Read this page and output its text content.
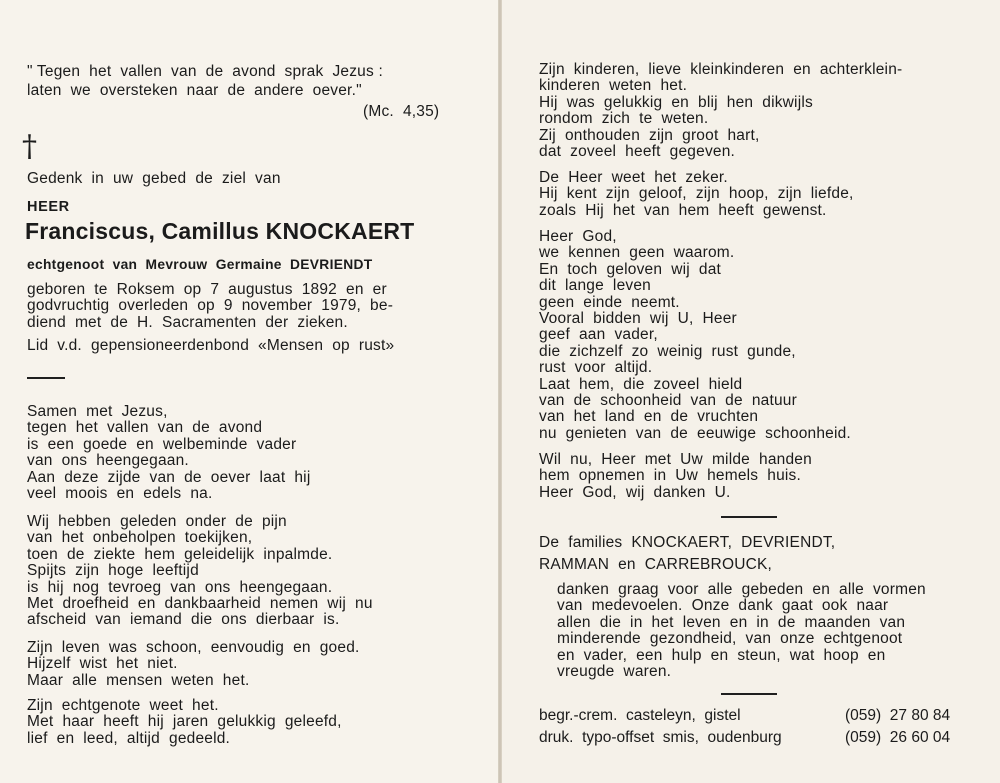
" Tegen  het  vallen  van  de  avond  sprak  Jezus :
laten  we  oversteken  naar  de  andere  oever."
(Mc.  4,35)
†
Gedenk  in  uw  gebed  de  ziel  van
HEER
Franciscus, Camillus KNOCKAERT
echtgenoot  van  Mevrouw  Germaine  DEVRIENDT
geboren  te  Roksem  op  7  augustus  1892  en  er
godvruchtig  overleden  op  9  november  1979,  be-
diend  met  de  H.  Sacramenten  der  zieken.
Lid  v.d.  gepensioneerdenbond  «Mensen  op  rust»
Samen  met  Jezus,
tegen  het  vallen  van  de  avond
is  een  goede  en  welbeminde  vader
van  ons  heengegaan.
Aan  deze  zijde  van  de  oever  laat  hij
veel  moois  en  edels  na.
Wij  hebben  geleden  onder  de  pijn
van  het  onbeholpen  toekijken,
toen  de  ziekte  hem  geleidelijk  inpalmde.
Spijts  zijn  hoge  leeftijd
is  hij  nog  tevroeg  van  ons  heengegaan.
Met  droefheid  en  dankbaarheid  nemen  wij  nu
afscheid  van  iemand  die  ons  dierbaar  is.
Zijn  leven  was  schoon,  eenvoudig  en  goed.
Hijzelf  wist  het  niet.
Maar  alle  mensen  weten  het.
Zijn  echtgenote  weet  het.
Met  haar  heeft  hij  jaren  gelukkig  geleefd,
lief  en  leed,  altijd  gedeeld.
Zijn  kinderen,  lieve  kleinkinderen  en  achterklein-
kinderen  weten  het.
Hij  was  gelukkig  en  blij  hen  dikwijls
rondom  zich  te  weten.
Zij  onthouden  zijn  groot  hart,
dat  zoveel  heeft  gegeven.
De  Heer  weet  het  zeker.
Hij  kent  zijn  geloof,  zijn  hoop,  zijn  liefde,
zoals  Hij  het  van  hem  heeft  gewenst.
Heer  God,
we  kennen  geen  waarom.
En  toch  geloven  wij  dat
dit  lange  leven
geen  einde  neemt.
Vooral  bidden  wij  U,  Heer
geef  aan  vader,
die  zichzelf  zo  weinig  rust  gunde,
rust  voor  altijd.
Laat  hem,  die  zoveel  hield
van  de  schoonheid  van  de  natuur
van  het  land  en  de  vruchten
nu  genieten  van  de  eeuwige  schoonheid.
Wil  nu,  Heer  met  Uw  milde  handen
hem  opnemen  in  Uw  hemels  huis.
Heer  God,  wij  danken  U.
De  families  KNOCKAERT,  DEVRIENDT,
RAMMAN  en  CARREBROUCK,
danken  graag  voor  alle  gebeden  en  alle  vormen
van  medevoelen.  Onze  dank  gaat  ook  naar
allen  die  in  het  leven  en  in  de  maanden  van
minderende  gezondheid,  van  onze  echtgenoot
en  vader,  een  hulp  en  steun,  wat  hoop  en
vreugde  waren.
begr.-crem.  casteleyn,  gistel	(059)  27 80 84
druk.  typo-offset  smis,  oudenburg	(059)  26 60 04
